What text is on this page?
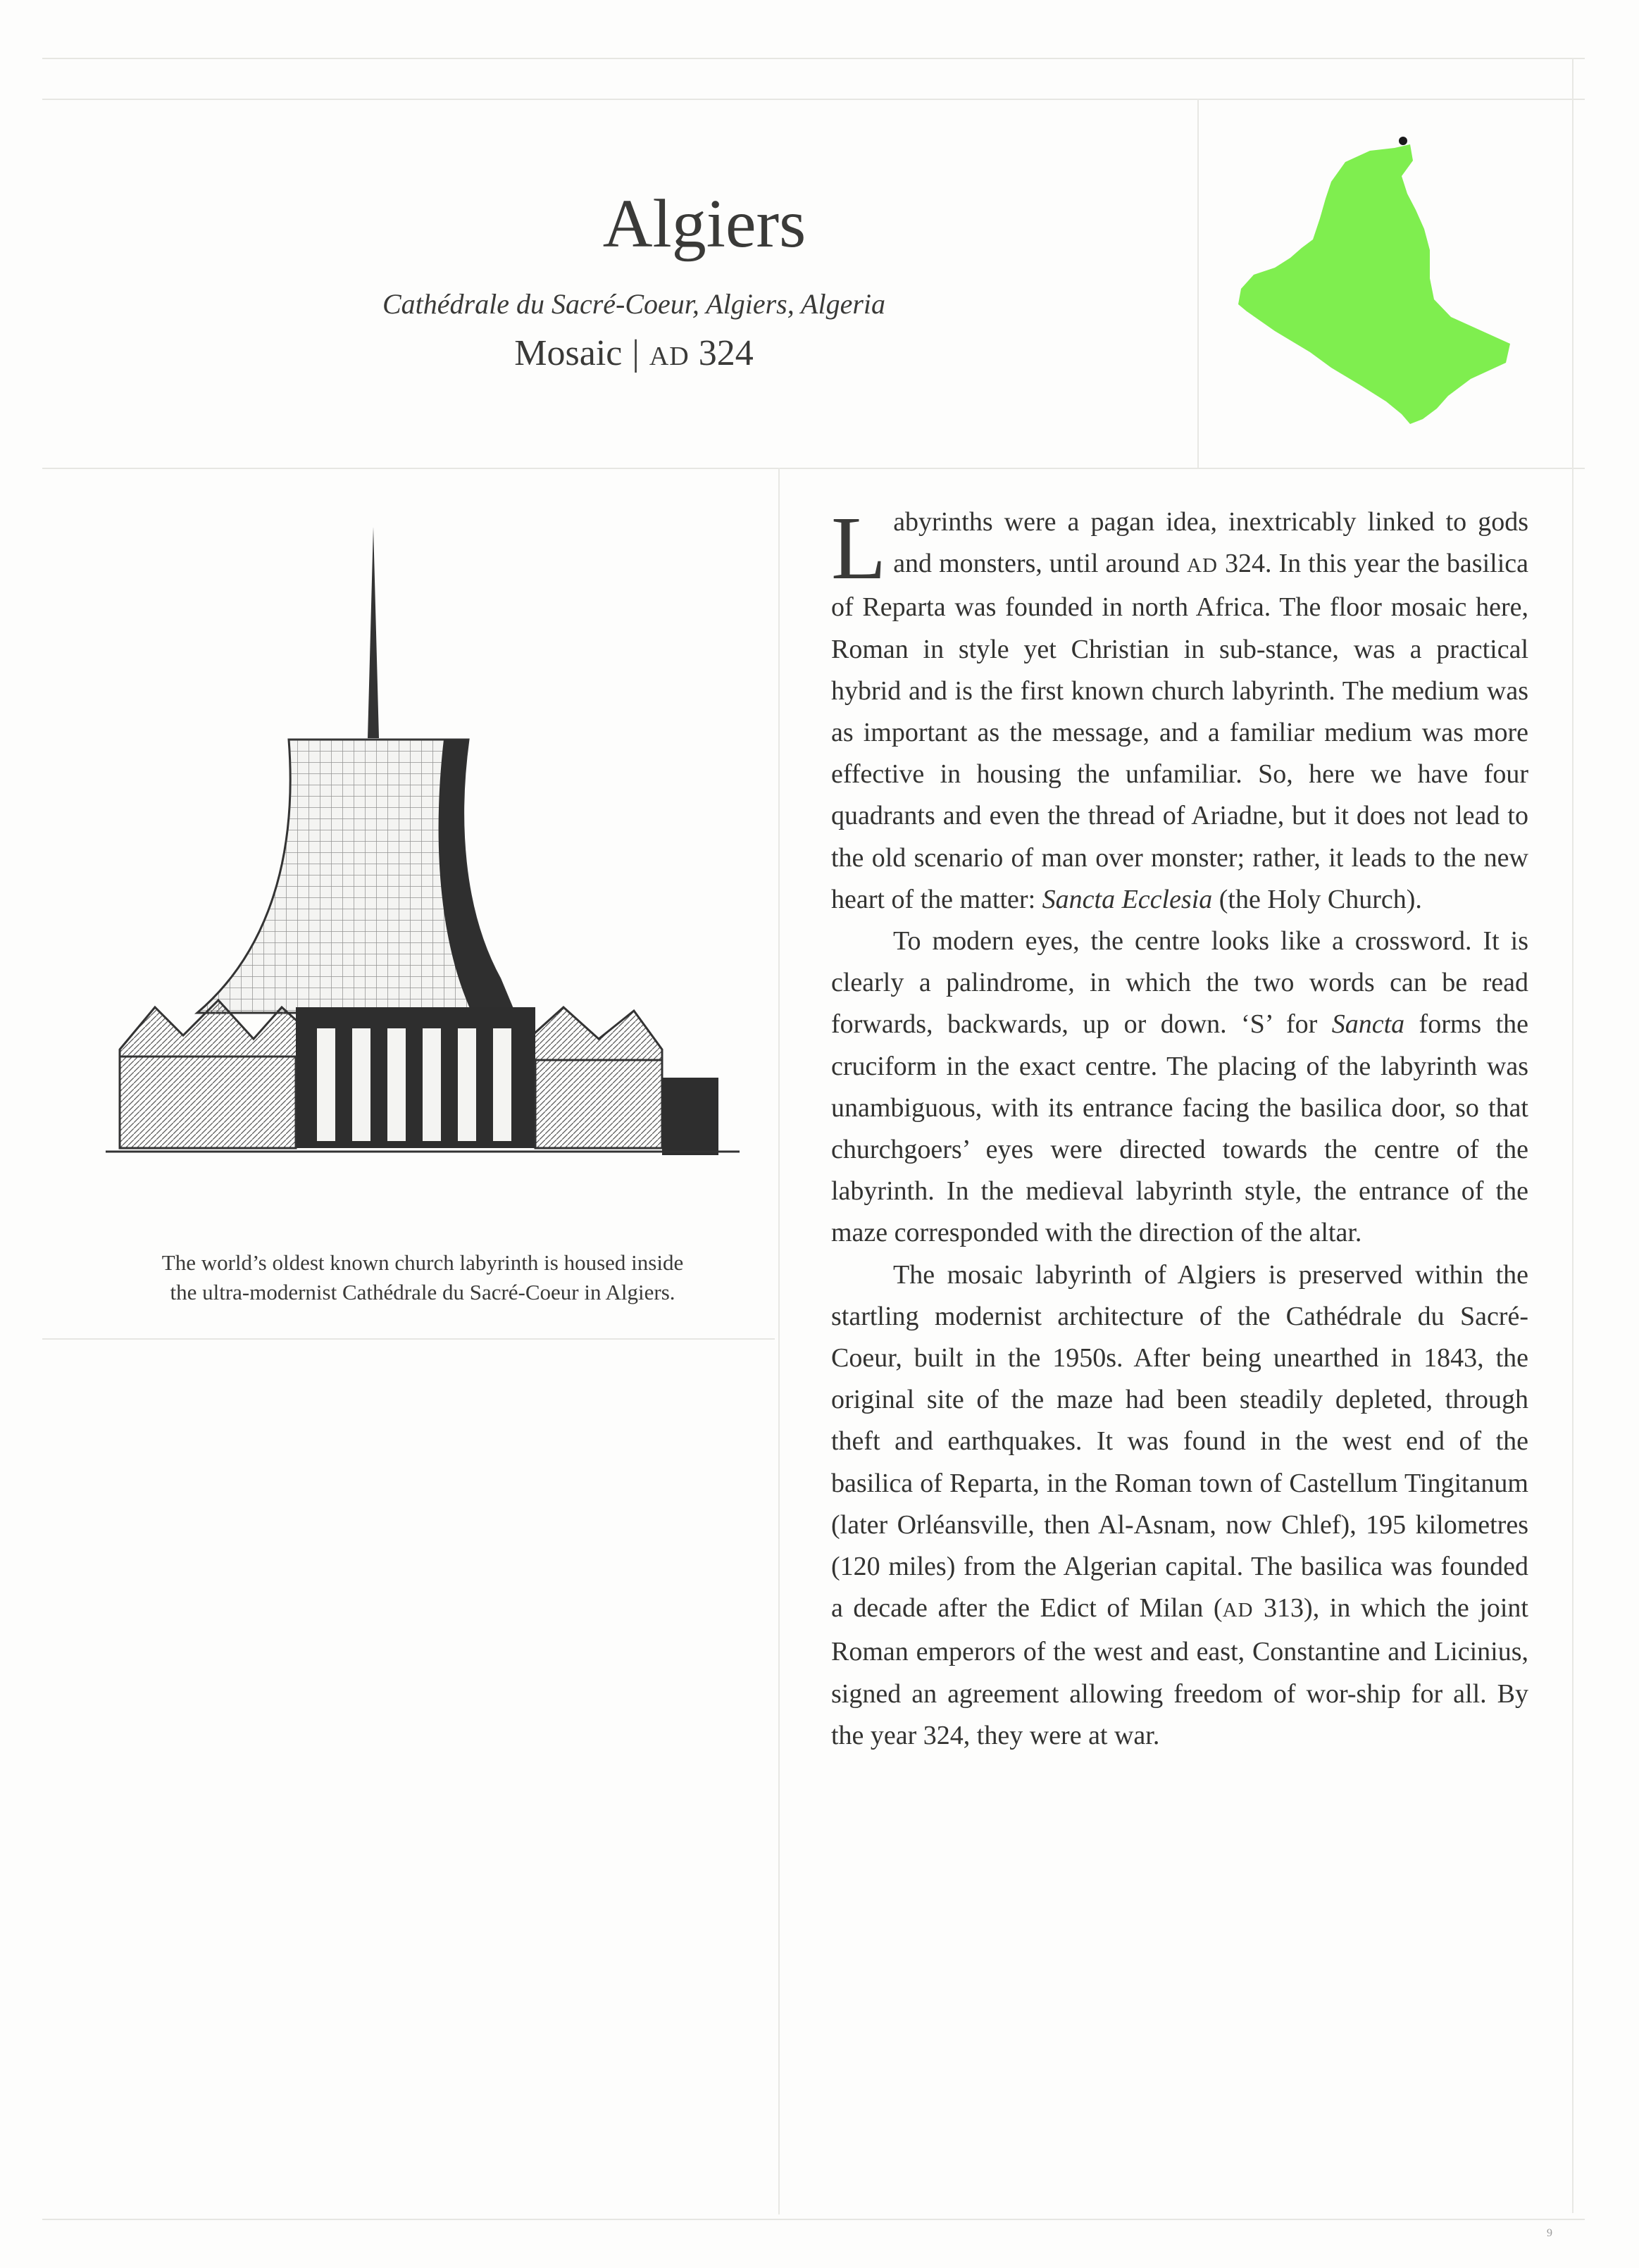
Algiers
Cathédrale du Sacré-Coeur, Algiers, Algeria
Mosaic | AD 324
The world’s oldest known church labyrinth is housed inside
the ultra-modernist Cathédrale du Sacré-Coeur in Algiers.

Labyrinths were a pagan idea, inextricably linked to gods and monsters, until around AD 324. In this year the basilica of Reparta was founded in north Africa. The floor mosaic here, Roman in style yet Christian in sub-stance, was a practical hybrid and is the first known church labyrinth. The medium was as important as the message, and a familiar medium was more effective in housing the unfamiliar. So, here we have four quadrants and even the thread of Ariadne, but it does not lead to the old scenario of man over monster; rather, it leads to the new heart of the matter: Sancta Ecclesia (the Holy Church).

To modern eyes, the centre looks like a crossword. It is clearly a palindrome, in which the two words can be read forwards, backwards, up or down. ‘S’ for Sancta forms the cruciform in the exact centre. The placing of the labyrinth was unambiguous, with its entrance facing the basilica door, so that churchgoers’ eyes were directed towards the centre of the labyrinth. In the medieval labyrinth style, the entrance of the maze corresponded with the direction of the altar.

The mosaic labyrinth of Algiers is preserved within the startling modernist architecture of the Cathédrale du Sacré-Coeur, built in the 1950s. After being unearthed in 1843, the original site of the maze had been steadily depleted, through theft and earthquakes. It was found in the west end of the basilica of Reparta, in the Roman town of Castellum Tingitanum (later Orléansville, then Al-Asnam, now Chlef), 195 kilometres (120 miles) from the Algerian capital. The basilica was founded a decade after the Edict of Milan (AD 313), in which the joint Roman emperors of the west and east, Constantine and Licinius, signed an agreement allowing freedom of wor-ship for all. By the year 324, they were at war.

9
